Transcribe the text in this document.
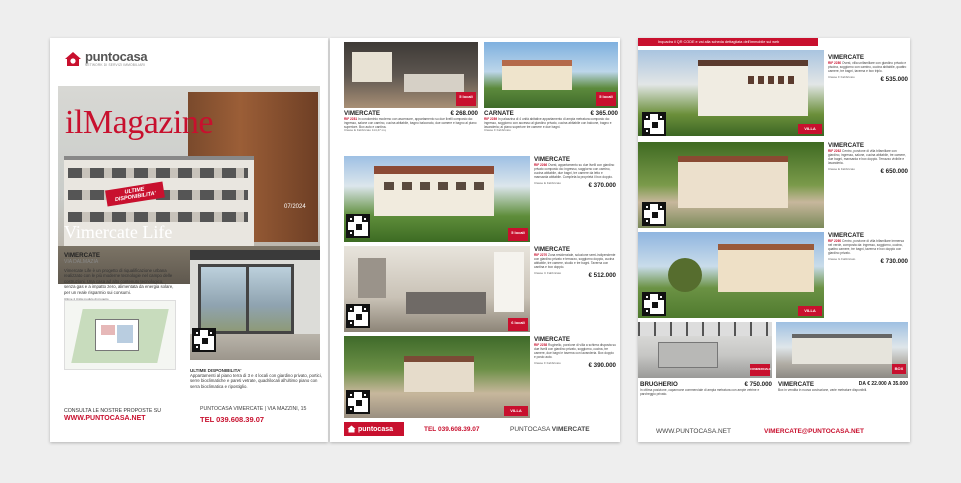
puntocasa
NETWORK DI SERVIZI IMMOBILIARI
ilMagazine
07/2024
ULTIME DISPONIBILITA'
Vimercate Life
VIMERCATE
VIA DALMAZIA
Vimercate Life è un progetto di riqualificazione urbana realizzato con le più moderne tecnologie nel campo delle costruzioni. Una casa ad alto contenuto tecnologico, senza gas e a impatto zero, alimentata da energia solare, per un reale risparmio sui consumi.
ULTIME DISPONIBILITA'
Appartamenti al piano terra di 3 e 4 locali con giardino privato, portici, serre bioclimatiche e pareti vetrate, quadrilocali all'ultimo piano con serra bioclimatica e ripostiglio.
CONSULTA LE NOSTRE PROPOSTE SU
WWW.PUNTOCASA.NET
PUNTOCASA VIMERCATE | VIA MAZZINI, 15
TEL 039.608.39.07
5 locali	5 locali
VIMERCATE	€ 268.000
RIF 2281 In condominio moderno con ascensore, appartamento su due livelli composto da: ingresso, salone con camino, cucina abitabile, bagno balconato, due camere e bagno al piano superiore. Box auto e cantina.
Classe E Fabbricato 114,47 mq
CARNATE	€ 365.000
RIF 2289 In palazzina di 4 unità abitative appartamento di ampia metratura composto da: ingresso, soggiorno con accesso al giardino privato, cucina abitabile con balcone, bagno e lavanderia; al piano superiore tre camere e due bagni.
Classe F Fabbricato
5 locali
VIMERCATE
RIF 2266 Ovest, appartamento su due livelli con giardino privato composto da: ingresso, soggiorno con camino, cucina abitabile, due bagni, tre camere da letto e mansarda abitabile. Completa la proprietà il box doppio.
Classe E Fabbricato	€ 370.000
6 locali
VIMERCATE
RIF 2270 Zona residenziale, soluzione semi-indipendente con giardino privato e terrazzo, soggiorno doppio, cucina abitabile, tre camere, studio e tre bagni. Taverna con cantina e box doppio.
Classe C Fabbricato	€ 512.000
VILLA
VIMERCATE
RIF 2258 Ruginello, porzione di villa a schiera disposta su due livelli con giardino privato, soggiorno, cucina, tre camere, due bagni e taverna con lavanderia. Box doppio e posto auto.
Classe F Fabbricato	€ 390.000
puntocasa	TEL 039.608.39.07	PUNTOCASA VIMERCATE
Inquadra il QR CODE e vai alla scheda dettagliata dell'immobile sul web
VILLA
VIMERCATE
RIF 2280 Ovest, villa unifamiliare con giardino privato e piscina, soggiorno con camino, cucina abitabile, quattro camere, tre bagni, taverna e box triplo.
Classe F Fabbricato	€ 535.000
VIMERCATE
RIF 2262 Centro, porzione di villa bifamiliare con giardino, ingresso, salone, cucina abitabile, tre camere, due bagni, mansarda e box doppio. Terrazzo vivibile e lavanderia.
Classe E Fabbricato	€ 650.000
VILLA
VIMERCATE
RIF 2260 Centro, porzione di villa bifamiliare immersa nel verde, composta da: ingresso, soggiorno, cucina, quattro camere, tre bagni, taverna e box doppio con giardino privato.
Classe G Fabbricato	€ 730.000
COMMERCIALE	BOX
BRUGHERIO	€ 750.000
In ottima posizione, capannone commerciale di ampia metratura con ampie vetrine e parcheggio privato.
VIMERCATE	DA € 22.000 A 35.000
Box in vendita in nuova costruzione, varie metrature disponibili.
WWW.PUNTOCASA.NET	VIMERCATE@PUNTOCASA.NET
